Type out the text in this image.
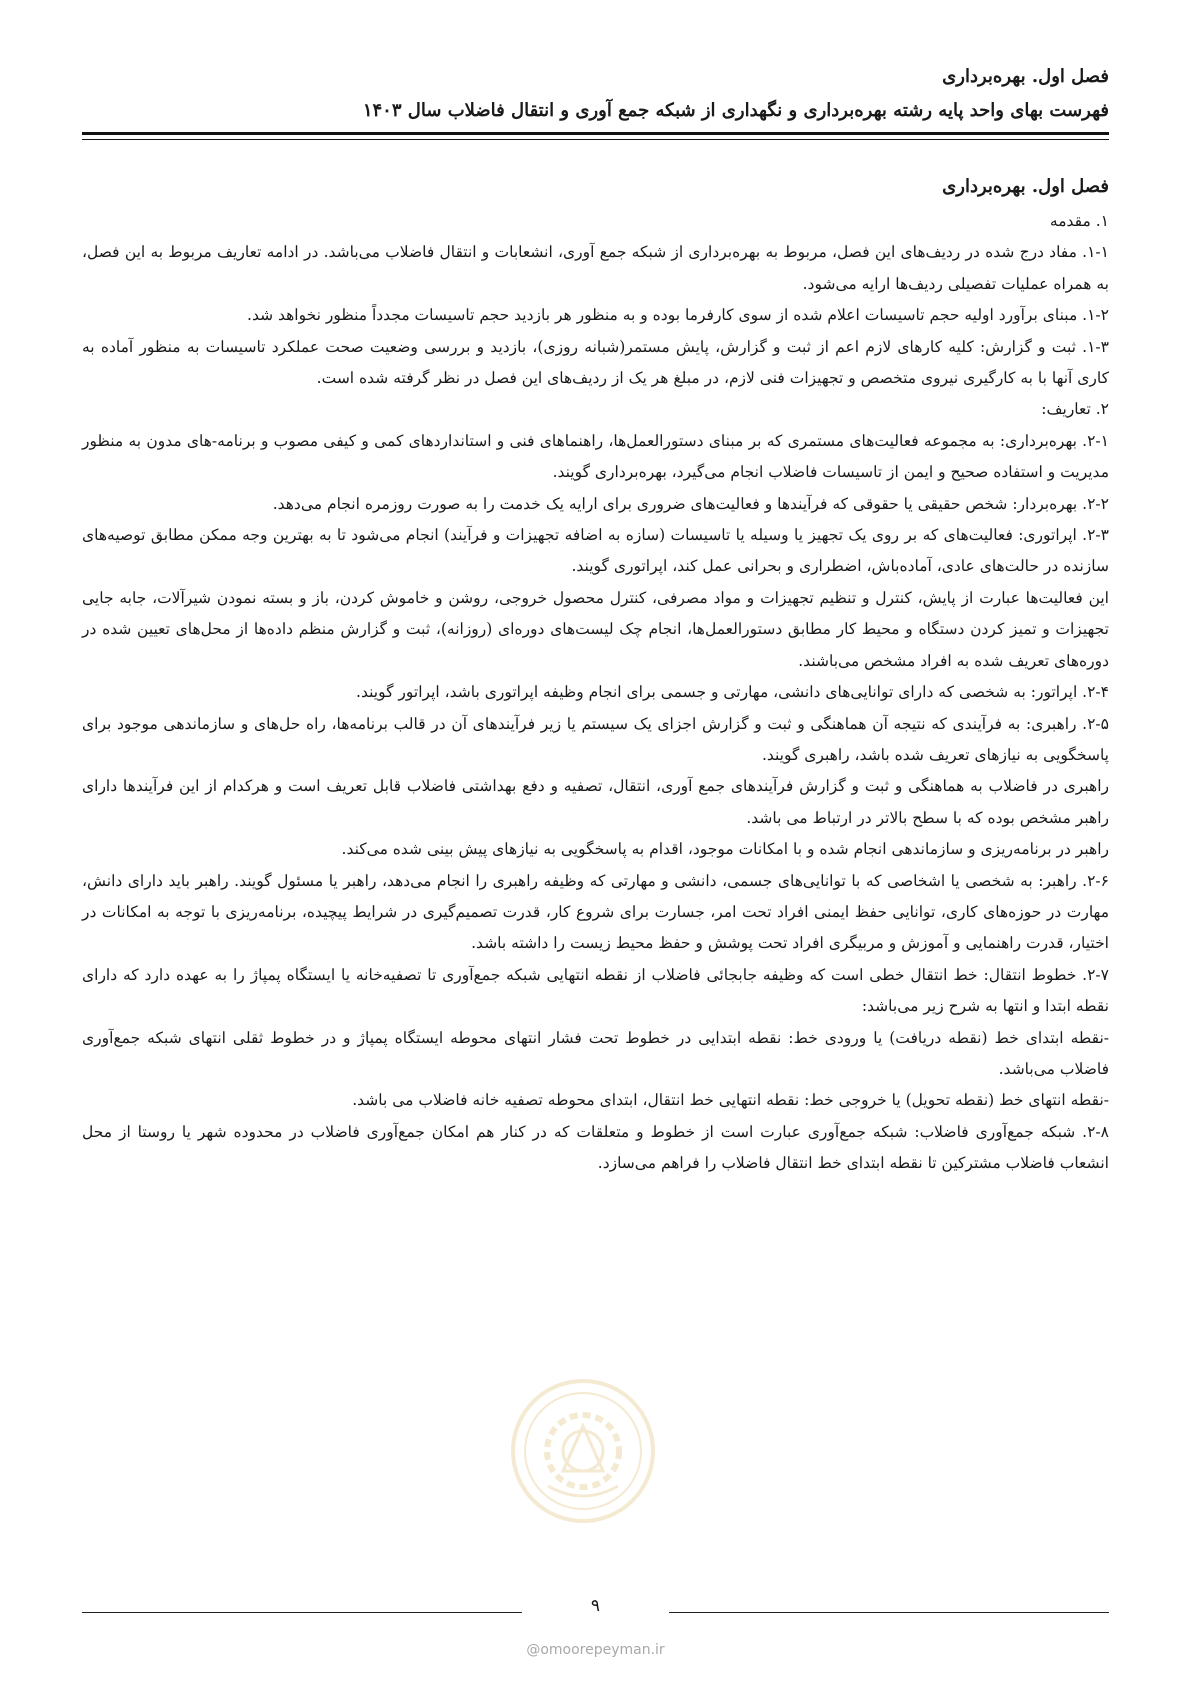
فصل اول. بهره‌برداری
فهرست بهای واحد پایه رشته بهره‌برداری و نگهداری از شبکه جمع آوری و انتقال فاضلاب سال ۱۴۰۳
فصل اول. بهره‌برداری

۱. مقدمه

۱-۱. مفاد درج شده در ردیف‌های این فصل، مربوط به بهره‌برداری از شبکه جمع آوری، انشعابات و انتقال فاضلاب می‌باشد. در ادامه تعاریف مربوط به این فصل، به همراه عملیات تفصیلی ردیف‌ها ارایه می‌شود.

۱-۲. مبنای برآورد اولیه حجم تاسیسات اعلام شده از سوی کارفرما بوده و به منظور هر بازدید حجم تاسیسات مجدداً منظور نخواهد شد.

۱-۳. ثبت و گزارش: کلیه کارهای لازم اعم از ثبت و گزارش، پایش مستمر(شبانه روزی)، بازدید و بررسی وضعیت صحت عملکرد تاسیسات به منظور آماده به کاری آنها با به کارگیری نیروی متخصص و تجهیزات فنی لازم، در مبلغ هر یک از ردیف‌های این فصل در نظر گرفته شده است.

۲. تعاریف:

۲-۱. بهره‌برداری: به مجموعه فعالیت‌های مستمری که بر مبنای دستورالعمل‌ها، راهنماهای فنی و استانداردهای کمی و کیفی مصوب و برنامه-های مدون به منظور مدیریت و استفاده صحیح و ایمن از تاسیسات فاضلاب انجام می‌گیرد، بهره‌برداری گویند.

۲-۲. بهره‌بردار: شخص حقیقی یا حقوقی که فرآیندها و فعالیت‌های ضروری برای ارایه یک خدمت را به صورت روزمره انجام می‌دهد.

۲-۳. اپراتوری: فعالیت‌های که بر روی یک تجهیز یا وسیله یا تاسیسات (سازه به اضافه تجهیزات و فرآیند) انجام می‌شود تا به بهترین وجه ممکن مطابق توصیه‌های سازنده در حالت‌های عادی، آماده‌باش، اضطراری و بحرانی عمل کند، اپراتوری گویند.

این فعالیت‌ها عبارت از پایش، کنترل و تنظیم تجهیزات و مواد مصرفی، کنترل محصول خروجی، روشن و خاموش کردن، باز و بسته نمودن شیرآلات، جابه جایی تجهیزات و تمیز کردن دستگاه و محیط کار مطابق دستورالعمل‌ها، انجام چک لیست‌های دوره‌ای (روزانه)، ثبت و گزارش منظم داده‌ها از محل‌های تعیین شده در دوره‌های تعریف شده به افراد مشخص می‌باشند.

۲-۴. اپراتور: به شخصی که دارای توانایی‌های دانشی، مهارتی و جسمی برای انجام وظیفه اپراتوری باشد، اپراتور گویند.

۲-۵. راهبری: به فرآیندی که نتیجه آن هماهنگی و ثبت و گزارش اجزای یک سیستم یا زیر فرآیندهای آن در قالب برنامه‌ها، راه حل‌های و سازماندهی موجود برای پاسخگویی به نیازهای تعریف شده باشد، راهبری گویند.

راهبری در فاضلاب به هماهنگی و ثبت و گزارش فرآیندهای جمع آوری، انتقال، تصفیه و دفع بهداشتی فاضلاب قابل تعریف است و هرکدام از این فرآیندها دارای راهبر مشخص بوده که با سطح بالاتر در ارتباط می باشد.

راهبر در برنامه‌ریزی و سازماندهی انجام شده و با امکانات موجود، اقدام به پاسخگویی به نیازهای پیش بینی شده می‌کند.

۲-۶. راهبر: به شخصی یا اشخاصی که با توانایی‌های جسمی، دانشی و مهارتی که وظیفه راهبری را انجام می‌دهد، راهبر یا مسئول گویند. راهبر باید دارای دانش، مهارت در حوزه‌های کاری، توانایی حفظ ایمنی افراد تحت امر، جسارت برای شروع کار، قدرت تصمیم‌گیری در شرایط پیچیده، برنامه‌ریزی با توجه به امکانات در اختیار، قدرت راهنمایی و آموزش و مربیگری افراد تحت پوشش و حفظ محیط زیست را داشته باشد.

۲-۷. خطوط انتقال: خط انتقال خطی است که وظیفه جابجائی فاضلاب از نقطه انتهایی شبکه جمع‌آوری تا تصفیه‌خانه یا ایستگاه پمپاژ را به عهده دارد که دارای نقطه ابتدا و انتها به شرح زیر می‌باشد:

-نقطه ابتدای خط (نقطه دریافت) یا ورودی خط: نقطه ابتدایی در خطوط تحت فشار انتهای محوطه ایستگاه پمپاژ و در خطوط ثقلی انتهای شبکه جمع‌آوری فاضلاب می‌باشد.

-نقطه انتهای خط (نقطه تحویل) یا خروجی خط: نقطه انتهایی خط انتقال، ابتدای محوطه تصفیه خانه فاضلاب می باشد.

۲-۸. شبکه جمع‌آوری فاضلاب: شبکه جمع‌آوری عبارت است از خطوط و متعلقات که در کنار هم امکان جمع‌آوری فاضلاب در محدوده شهر یا روستا از محل انشعاب فاضلاب مشترکین تا نقطه ابتدای خط انتقال فاضلاب را فراهم می‌سازد.

۹
@omoorepeyman.ir
